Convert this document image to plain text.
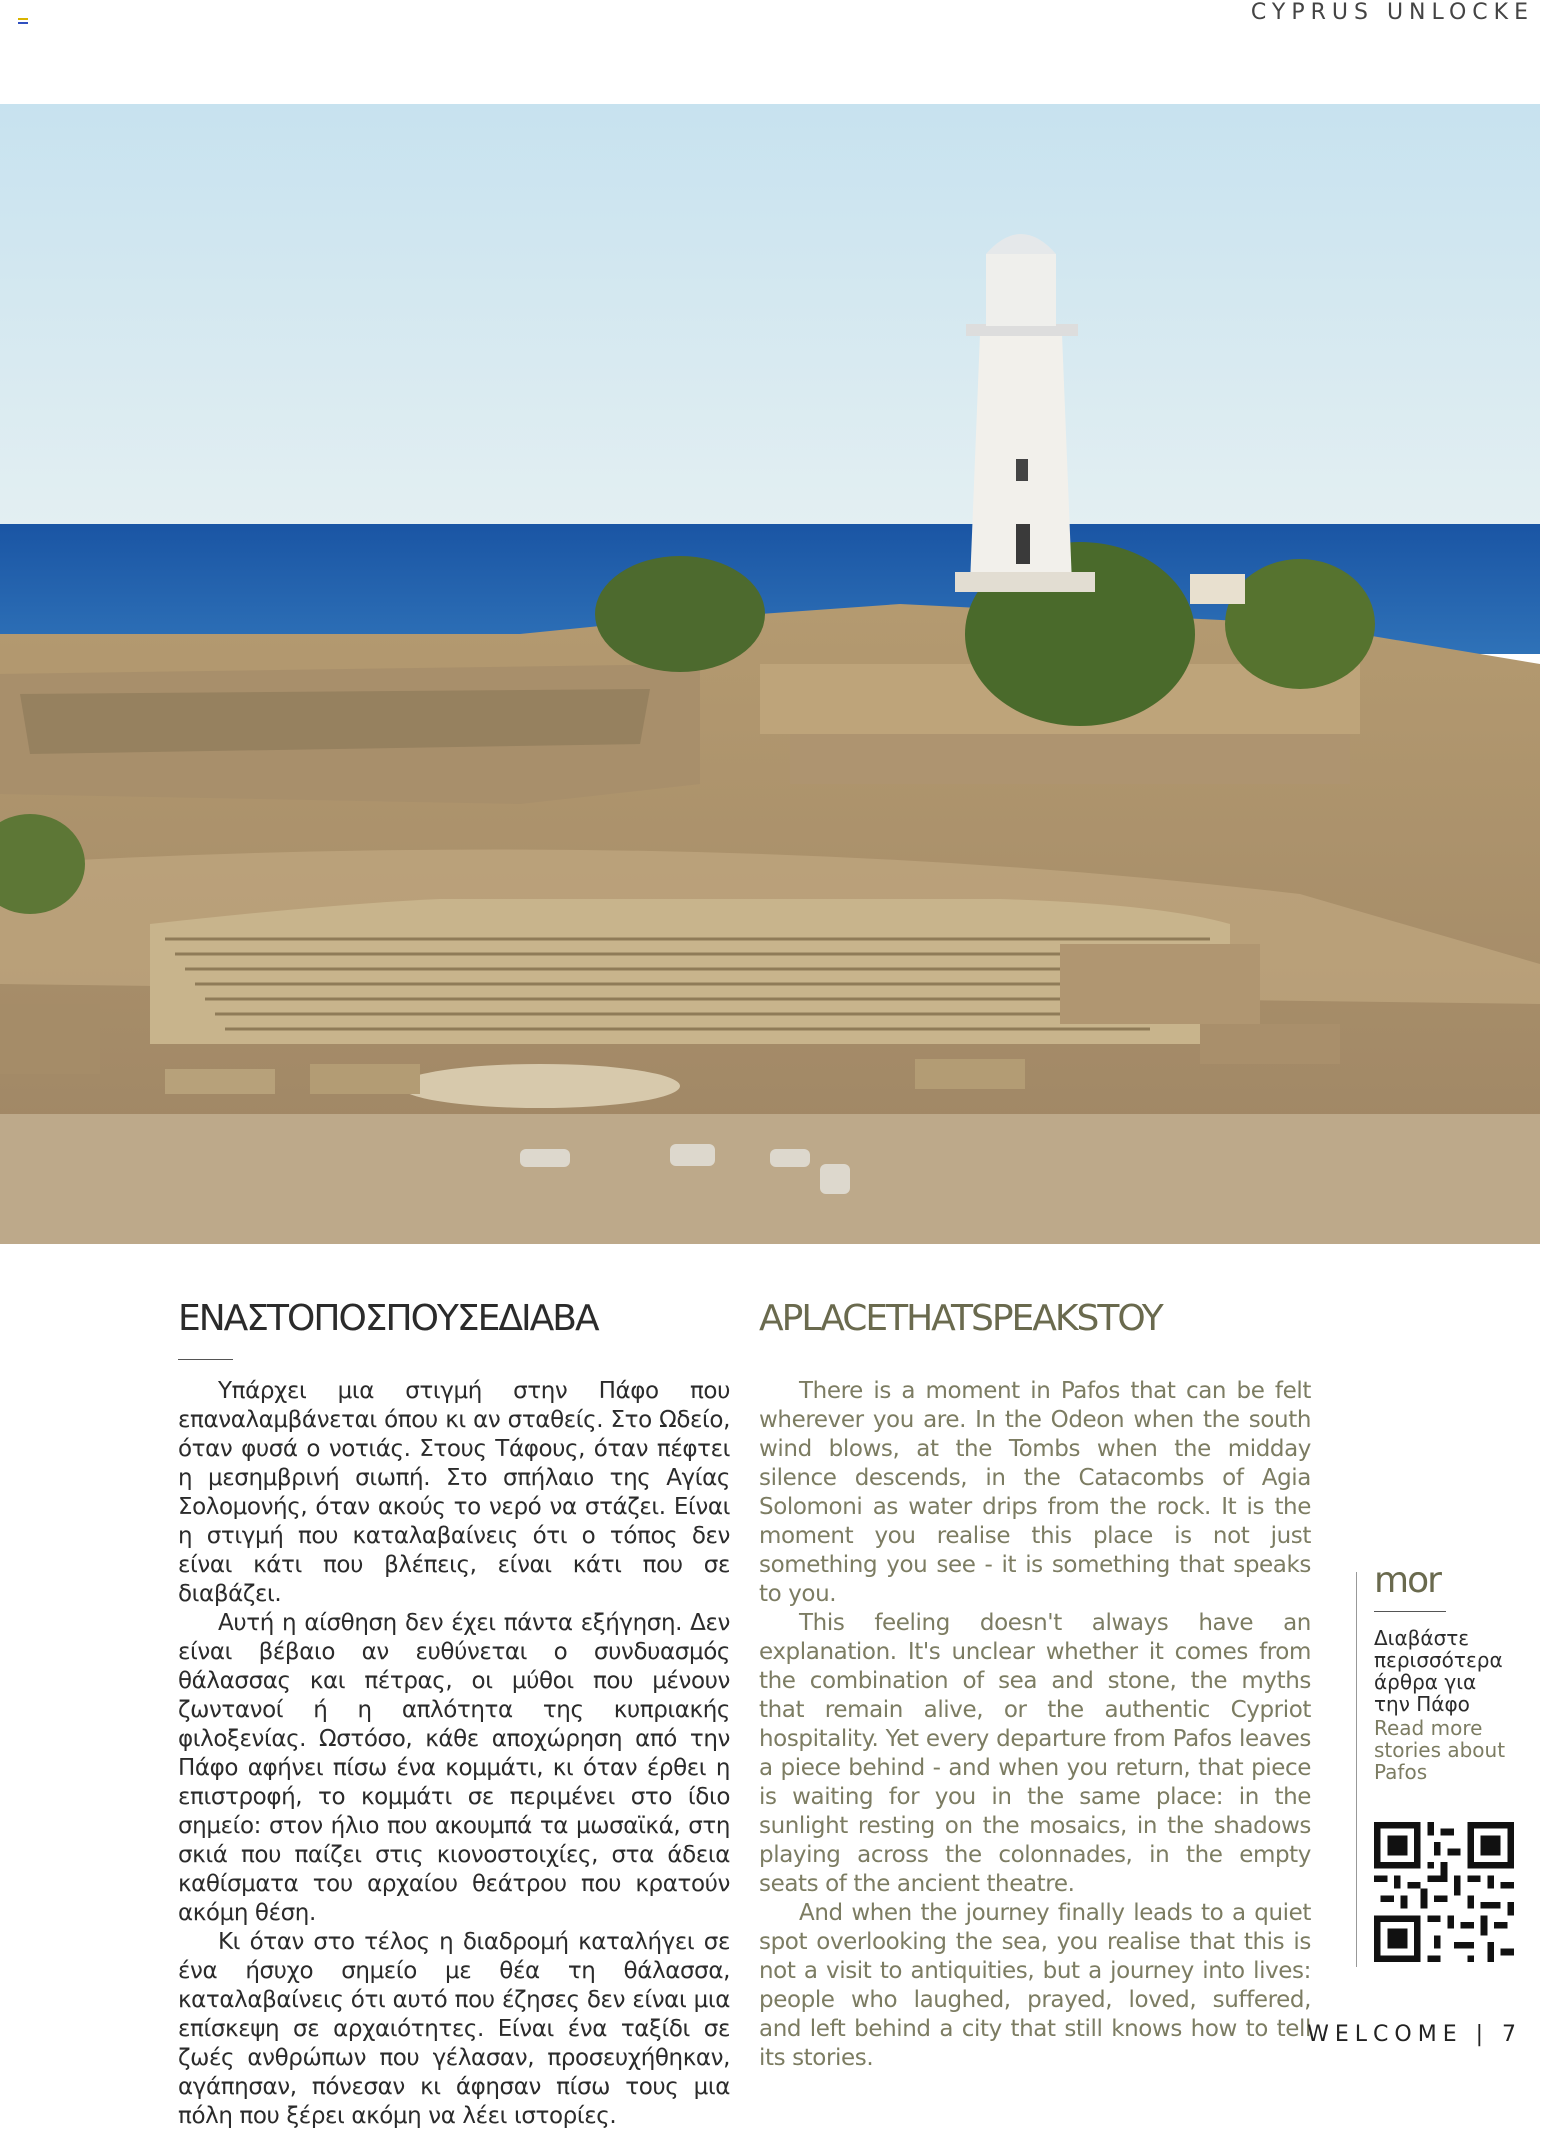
CYPRUS UNLOCKE
ΕΝΑΣΤΟΠΟΣΠΟΥΣΕΔΙΑΒΑ	APLACETHATSPEAKSTOY

Υπάρχει μια στιγμή στην Πάφο που επαναλαμβάνεται όπου κι αν σταθείς. Στο Ωδείο, όταν φυσά ο νοτιάς. Στους Τάφους, όταν πέφτει η μεσημβρινή σιωπή. Στο σπήλαιο της Αγίας Σολομονής, όταν ακούς το νερό να στάζει. Είναι η στιγμή που καταλαβαίνεις ότι ο τόπος δεν είναι κάτι που βλέπεις, είναι κάτι που σε διαβάζει.

Αυτή η αίσθηση δεν έχει πάντα εξήγηση. Δεν είναι βέβαιο αν ευθύνεται ο συνδυασμός θάλασσας και πέτρας, οι μύθοι που μένουν ζωντανοί ή η απλότητα της κυπριακής φιλοξενίας. Ωστόσο, κάθε αποχώρηση από την Πάφο αφήνει πίσω ένα κομμάτι, κι όταν έρθει η επιστροφή, το κομμάτι σε περιμένει στο ίδιο σημείο: στον ήλιο που ακουμπά τα μωσαϊκά, στη σκιά που παίζει στις κιονοστοιχίες, στα άδεια καθίσματα του αρχαίου θεάτρου που κρατούν ακόμη θέση.

Κι όταν στο τέλος η διαδρομή καταλήγει σε ένα ήσυχο σημείο με θέα τη θάλασσα, καταλαβαίνεις ότι αυτό που έζησες δεν είναι μια επίσκεψη σε αρχαιότητες. Είναι ένα ταξίδι σε ζωές ανθρώπων που γέλασαν, προσευχήθηκαν, αγάπησαν, πόνεσαν κι άφησαν πίσω τους μια πόλη που ξέρει ακόμη να λέει ιστορίες.

There is a moment in Pafos that can be felt wherever you are. In the Odeon when the south wind blows, at the Tombs when the midday silence descends, in the Catacombs of Agia Solomoni as water drips from the rock. It is the moment you realise this place is not just something you see - it is something that speaks to you.

This feeling doesn't always have an explanation. It's unclear whether it comes from the combination of sea and stone, the myths that remain alive, or the authentic Cypriot hospitality. Yet every departure from Pafos leaves a piece behind - and when you return, that piece is waiting for you in the same place: in the sunlight resting on the mosaics, in the shadows playing across the colonnades, in the empty seats of the ancient theatre.

And when the journey finally leads to a quiet spot overlooking the sea, you realise that this is not a visit to antiquities, but a journey into lives: people who laughed, prayed, loved, suffered, and left behind a city that still knows how to tell its stories.

mor
Διαβάστε περισσότερα άρθρα για την Πάφο
Read more stories about Pafos
WELCOME | 7
